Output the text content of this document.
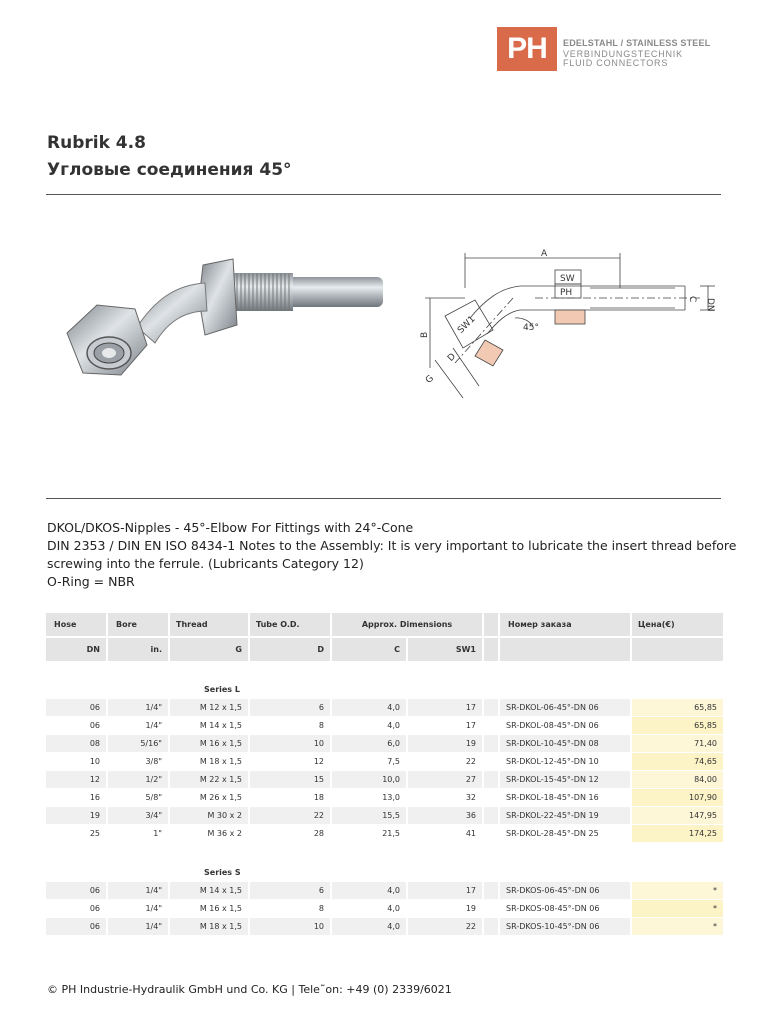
PH	EDELSTAHL / STAINLESS STEEL
VERBINDUNGSTECHNIK
FLUID CONNECTORS
Rubrik 4.8
Угловые соединения 45°
A
SW
PH
DN
C
45°
SW1
B
G
D
DKOL/DKOS-Nipples - 45°-Elbow For Fittings with 24°-Cone
DIN 2353 / DIN EN ISO 8434-1 Notes to the Assembly: It is very important to lubricate the insert thread before
screwing into the ferrule. (Lubricants Category 12)
O-Ring = NBR
Hose	Bore	Thread	Tube O.D.	Approx. Dimensions	Номер заказа	Цена(€)
DN	in.	G	D	C	SW1
Series L
06	1/4"	M 12 x 1,5	6	4,0	17	SR-DKOL-06-45°-DN 06	65,85
06	1/4"	M 14 x 1,5	8	4,0	17	SR-DKOL-08-45°-DN 06	65,85
08	5/16"	M 16 x 1,5	10	6,0	19	SR-DKOL-10-45°-DN 08	71,40
10	3/8"	M 18 x 1,5	12	7,5	22	SR-DKOL-12-45°-DN 10	74,65
12	1/2"	M 22 x 1,5	15	10,0	27	SR-DKOL-15-45°-DN 12	84,00
16	5/8"	M 26 x 1,5	18	13,0	32	SR-DKOL-18-45°-DN 16	107,90
19	3/4"	M 30 x 2	22	15,5	36	SR-DKOL-22-45°-DN 19	147,95
25	1"	M 36 x 2	28	21,5	41	SR-DKOL-28-45°-DN 25	174,25
Series S
06	1/4"	M 14 x 1,5	6	4,0	17	SR-DKOS-06-45°-DN 06	*
06	1/4"	M 16 x 1,5	8	4,0	19	SR-DKOS-08-45°-DN 06	*
06	1/4"	M 18 x 1,5	10	4,0	22	SR-DKOS-10-45°-DN 06	*
© PH Industrie-Hydraulik GmbH und Co. KG | Tele˜on: +49 (0) 2339/6021
